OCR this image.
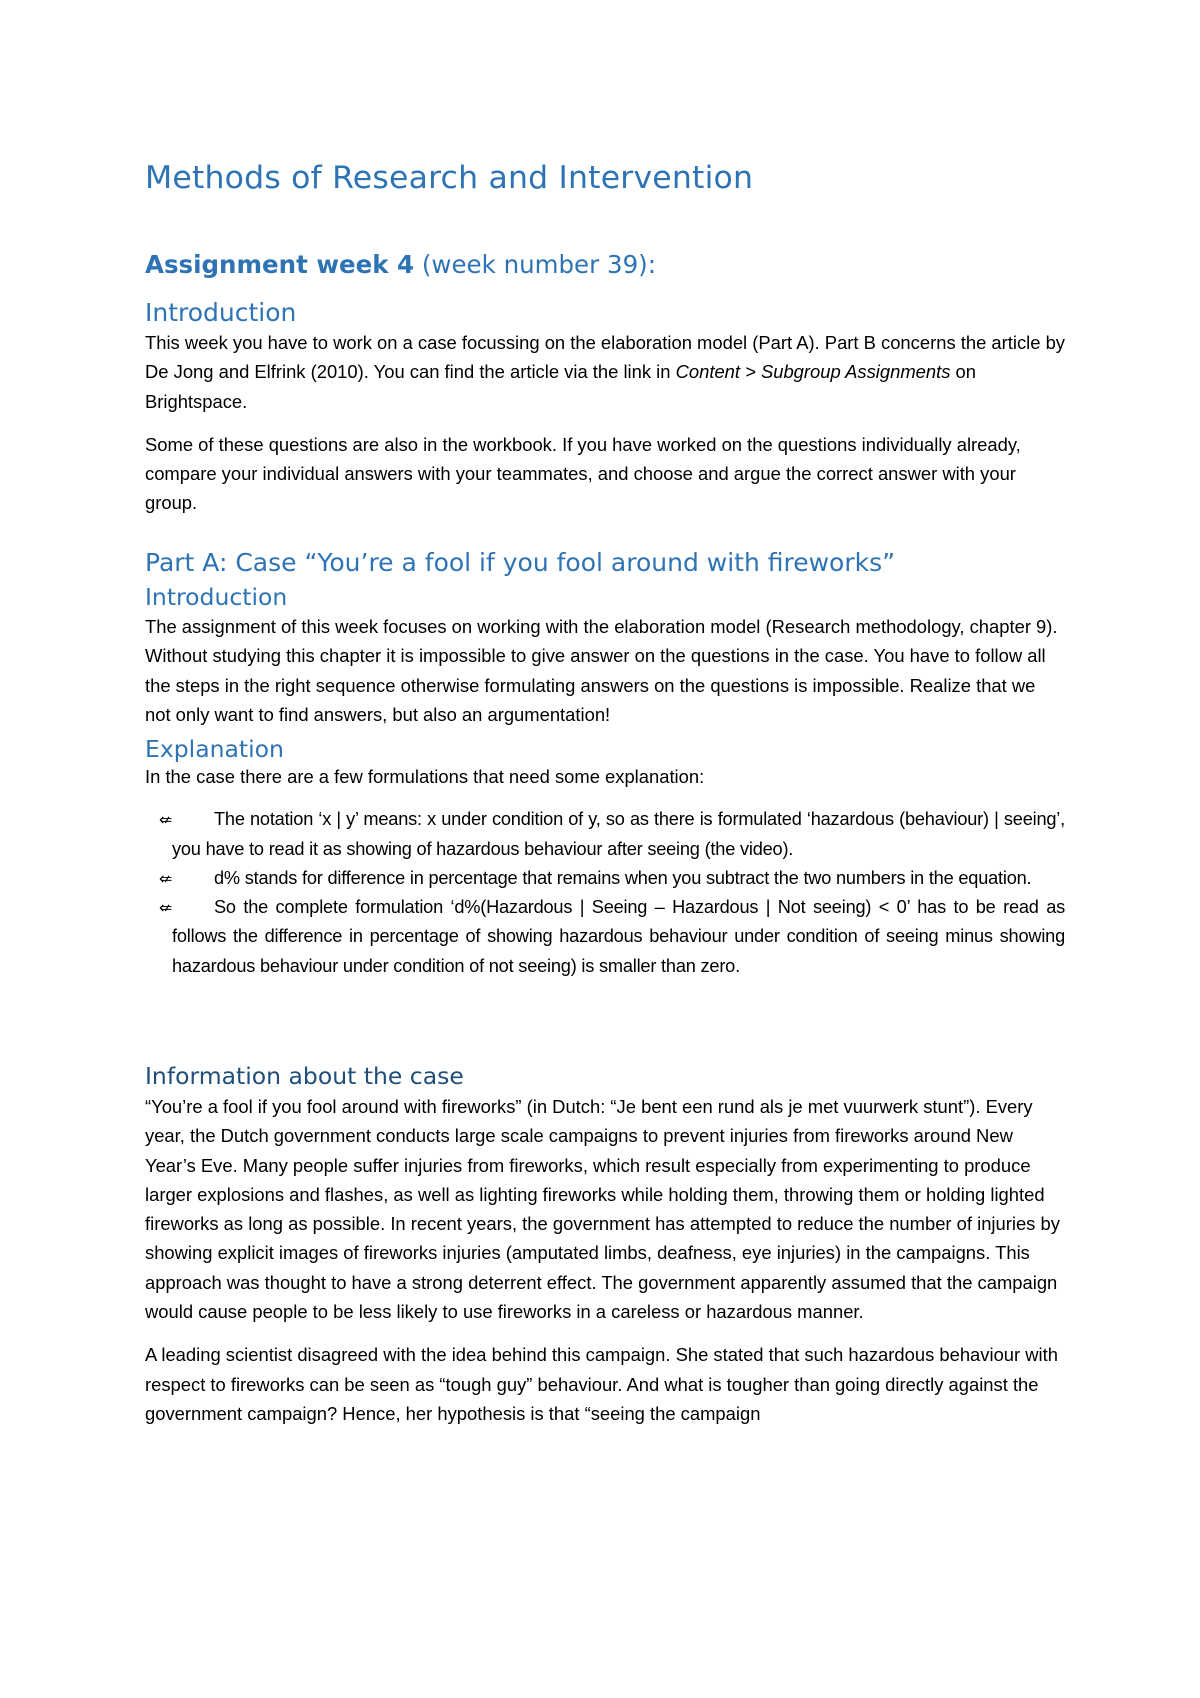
Methods of Research and Intervention
Assignment week 4 (week number 39):
Introduction

This week you have to work on a case focussing on the elaboration model (Part A). Part B concerns the article by De Jong and Elfrink (2010). You can find the article via the link in Content > Subgroup Assignments on Brightspace.

Some of these questions are also in the workbook. If you have worked on the questions individually already, compare your individual answers with your teammates, and choose and argue the correct answer with your group.

Part A: Case “You’re a fool if you fool around with fireworks”
Introduction

The assignment of this week focuses on working with the elaboration model (Research methodology, chapter 9). Without studying this chapter it is impossible to give answer on the questions in the case. You have to follow all the steps in the right sequence otherwise formulating answers on the questions is impossible. Realize that we not only want to find answers, but also an argumentation!

Explanation

In the case there are a few formulations that need some explanation:

⇍	The notation ‘x | y’ means: x under condition of y, so as there is formulated ‘hazardous (behaviour) | seeing’, you have to read it as showing of hazardous behaviour after seeing (the video).
⇍	d% stands for difference in percentage that remains when you subtract the two numbers in the equation.
⇍	So the complete formulation ‘d%(Hazardous | Seeing – Hazardous | Not seeing) < 0’ has to be read as follows the difference in percentage of showing hazardous behaviour under condition of seeing minus showing hazardous behaviour under condition of not seeing) is smaller than zero.
Information about the case

“You’re a fool if you fool around with fireworks” (in Dutch: “Je bent een rund als je met vuurwerk stunt”). Every year, the Dutch government conducts large scale campaigns to prevent injuries from fireworks around New Year’s Eve. Many people suffer injuries from fireworks, which result especially from experimenting to produce larger explosions and flashes, as well as lighting fireworks while holding them, throwing them or holding lighted fireworks as long as possible. In recent years, the government has attempted to reduce the number of injuries by showing explicit images of fireworks injuries (amputated limbs, deafness, eye injuries) in the campaigns. This approach was thought to have a strong deterrent effect. The government apparently assumed that the campaign would cause people to be less likely to use fireworks in a careless or hazardous manner.

A leading scientist disagreed with the idea behind this campaign. She stated that such hazardous behaviour with respect to fireworks can be seen as “tough guy” behaviour. And what is tougher than going directly against the government campaign? Hence, her hypothesis is that “seeing the campaign
